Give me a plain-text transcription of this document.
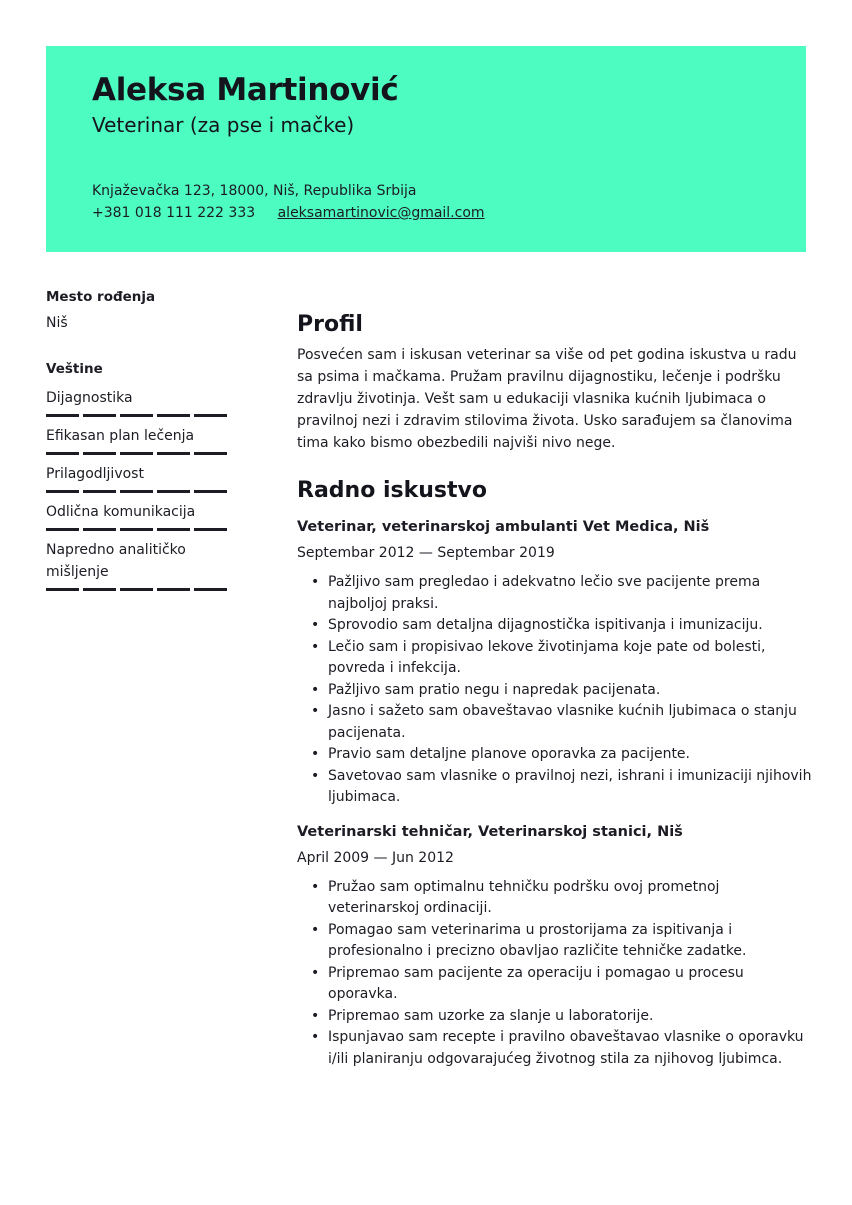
Aleksa Martinović
Veterinar (za pse i mačke)
Knjaževačka 123, 18000, Niš, Republika Srbija
+381 018 111 222 333 aleksamartinovic@gmail.com
Mesto rođenja
Niš
Veštine
Dijagnostika
Efikasan plan lečenja
Prilagodljivost
Odlična komunikacija
Napredno analitičko mišljenje
Profil
Posvećen sam i iskusan veterinar sa više od pet godina iskustva u radu sa psima i mačkama. Pružam pravilnu dijagnostiku, lečenje i podršku zdravlju životinja. Vešt sam u edukaciji vlasnika kućnih ljubimaca o pravilnoj nezi i zdravim stilovima života. Usko sarađujem sa članovima tima kako bismo obezbedili najviši nivo nege.
Radno iskustvo
Veterinar, veterinarskoj ambulanti Vet Medica, Niš
Septembar 2012 — Septembar 2019
• Pažljivo sam pregledao i adekvatno lečio sve pacijente prema najboljoj praksi.
• Sprovodio sam detaljna dijagnostička ispitivanja i imunizaciju.
• Lečio sam i propisivao lekove životinjama koje pate od bolesti, povreda i infekcija.
• Pažljivo sam pratio negu i napredak pacijenata.
• Jasno i sažeto sam obaveštavao vlasnike kućnih ljubimaca o stanju pacijenata.
• Pravio sam detaljne planove oporavka za pacijente.
• Savetovao sam vlasnike o pravilnoj nezi, ishrani i imunizaciji njihovih ljubimaca.
Veterinarski tehničar, Veterinarskoj stanici, Niš
April 2009 — Jun 2012
• Pružao sam optimalnu tehničku podršku ovoj prometnoj veterinarskoj ordinaciji.
• Pomagao sam veterinarima u prostorijama za ispitivanja i profesionalno i precizno obavljao različite tehničke zadatke.
• Pripremao sam pacijente za operaciju i pomagao u procesu oporavka.
• Pripremao sam uzorke za slanje u laboratorije.
• Ispunjavao sam recepte i pravilno obaveštavao vlasnike o oporavku i/ili planiranju odgovarajućeg životnog stila za njihovog ljubimca.
